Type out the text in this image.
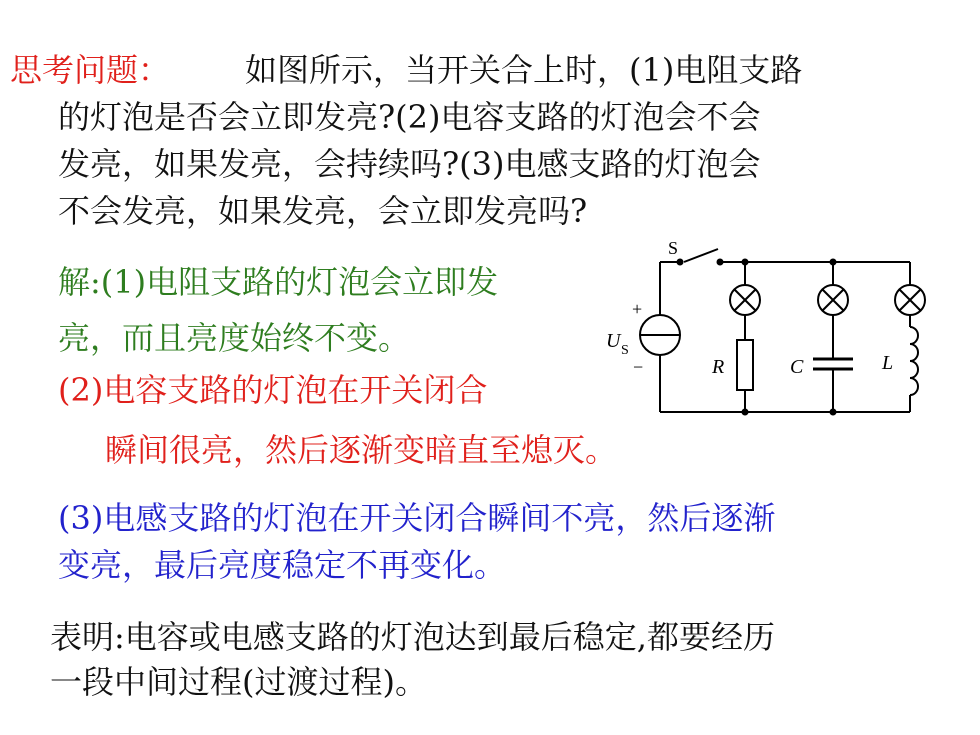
思考问题： 如图所示，当开关合上时，(1)电阻支路
的灯泡是否会立即发亮?(2)电容支路的灯泡会不会
发亮，如果发亮，会持续吗?(3)电感支路的灯泡会
不会发亮，如果发亮，会立即发亮吗?
解:(1)电阻支路的灯泡会立即发
亮，而且亮度始终不变。
(2)电容支路的灯泡在开关闭合
瞬间很亮，然后逐渐变暗直至熄灭。
(3)电感支路的灯泡在开关闭合瞬间不亮，然后逐渐
变亮，最后亮度稳定不再变化。
表明:电容或电感支路的灯泡达到最后稳定,都要经历
一段中间过程(过渡过程)。
S
U S
+
−	R	C	L
